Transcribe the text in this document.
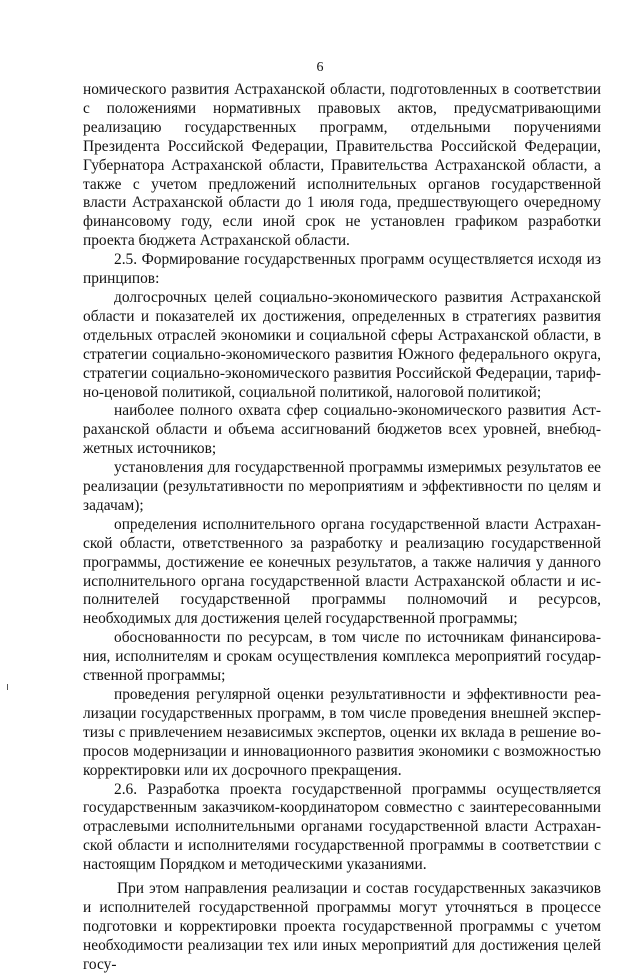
6

номического развития Астраханской области, подготовленных в соответствии с положениями нормативных правовых актов, предусматривающими реализацию государственных программ, отдельными поручениями Президента Российской Федерации, Правительства Российской Федерации, Губернатора Астраханской области, Правительства Астраханской области, а также с учетом предложений исполнительных органов государственной власти Астраханской области до 1 июля года, предшествующего очередному финансовому году, если иной срок не установлен графиком разработки проекта бюджета Астраханской области.

2.5. Формирование государственных программ осуществляется исходя из принципов:

долгосрочных целей социально-экономического развития Астраханской области и показателей их достижения, определенных в стратегиях развития отдельных отраслей экономики и социальной сферы Астраханской области, в стратегии социально-экономического развития Южного федерального округа, стратегии социально-экономического развития Российской Федерации, тарифно-ценовой политикой, социальной политикой, налоговой политикой;

наиболее полного охвата сфер социально-экономического развития Астраханской области и объема ассигнований бюджетов всех уровней, внебюджетных источников;

установления для государственной программы измеримых результатов ее реализации (результативности по мероприятиям и эффективности по целям и задачам);

определения исполнительного органа государственной власти Астраханской области, ответственного за разработку и реализацию государственной программы, достижение ее конечных результатов, а также наличия у данного исполнительного органа государственной власти Астраханской области и исполнителей государственной программы полномочий и ресурсов, необходимых для достижения целей государственной программы;

обоснованности по ресурсам, в том числе по источникам финансирования, исполнителям и срокам осуществления комплекса мероприятий государственной программы;

проведения регулярной оценки результативности и эффективности реализации государственных программ, в том числе проведения внешней экспертизы с привлечением независимых экспертов, оценки их вклада в решение вопросов модернизации и инновационного развития экономики с возможностью корректировки или их досрочного прекращения.

2.6. Разработка проекта государственной программы осуществляется государственным заказчиком-координатором совместно с заинтересованными отраслевыми исполнительными органами государственной власти Астраханской области и исполнителями государственной программы в соответствии с настоящим Порядком и методическими указаниями.

При этом направления реализации и состав государственных заказчиков и исполнителей государственной программы могут уточняться в процессе подготовки и корректировки проекта государственной программы с учетом необходимости реализации тех или иных мероприятий для достижения целей госу-
